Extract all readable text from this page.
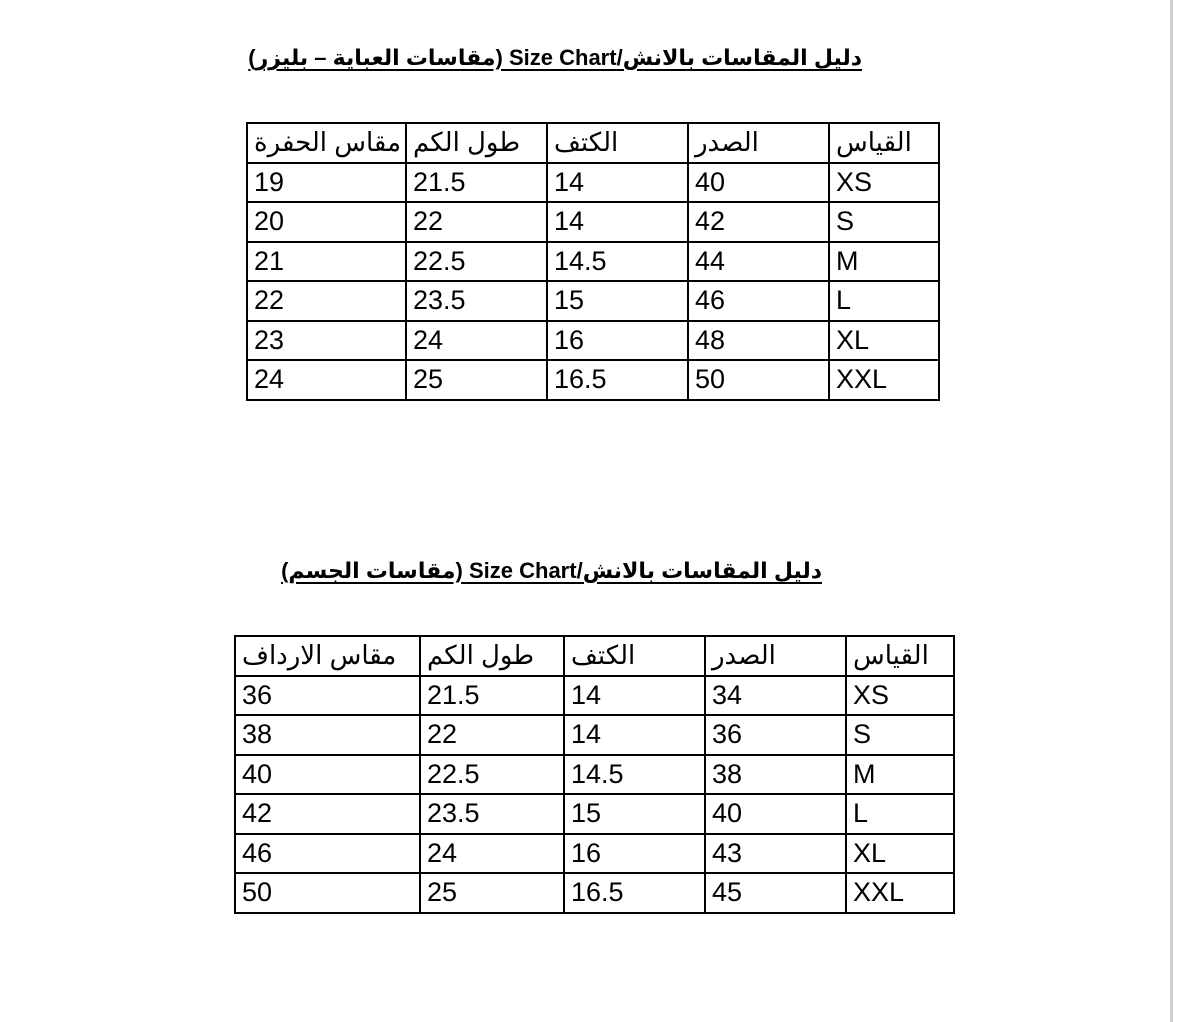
دليل المقاسات بالانش/Size Chart (مقاسات العباية – بليزر)
القياس	الصدر	الكتف	طول الكم	مقاس الحفرة
XS	40	14	21.5	19
S	42	14	22	20
M	44	14.5	22.5	21
L	46	15	23.5	22
XL	48	16	24	23
XXL	50	16.5	25	24
دليل المقاسات بالانش/Size Chart (مقاسات الجسم)
القياس	الصدر	الكتف	طول الكم	مقاس الارداف
XS	34	14	21.5	36
S	36	14	22	38
M	38	14.5	22.5	40
L	40	15	23.5	42
XL	43	16	24	46
XXL	45	16.5	25	50
